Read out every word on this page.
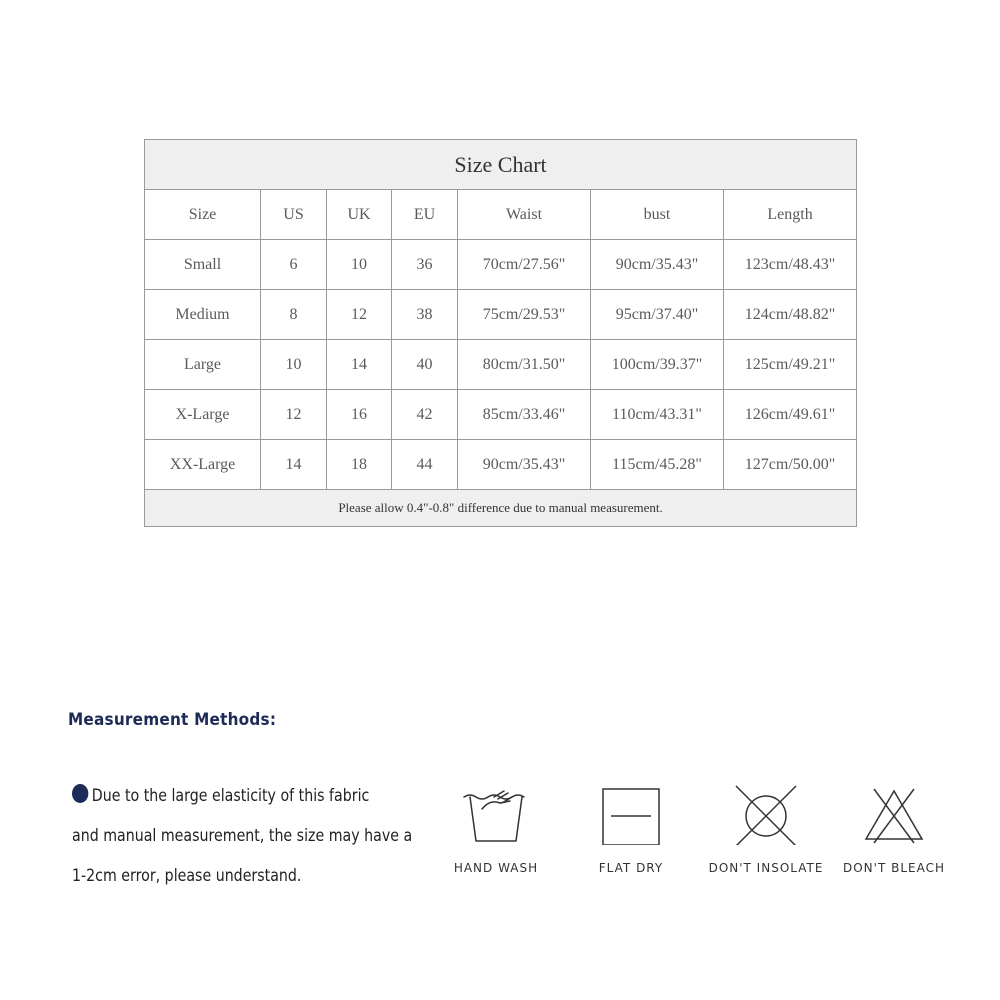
Size Chart						
Size	US	UK	EU	Waist	bust	Length
Small	6	10	36	70cm/27.56"	90cm/35.43"	123cm/48.43"
Medium	8	12	38	75cm/29.53"	95cm/37.40"	124cm/48.82"
Large	10	14	40	80cm/31.50"	100cm/39.37"	125cm/49.21"
X-Large	12	16	42	85cm/33.46"	110cm/43.31"	126cm/49.61"
XX-Large	14	18	44	90cm/35.43"	115cm/45.28"	127cm/50.00"
Please allow 0.4"-0.8" difference due to manual measurement.						
Measurement Methods:
Due to the large elasticity of this fabric
and manual measurement, the size may have a
1-2cm error, please understand.	HAND WASH	FLAT DRY	DON'T INSOLATE	DON'T BLEACH
